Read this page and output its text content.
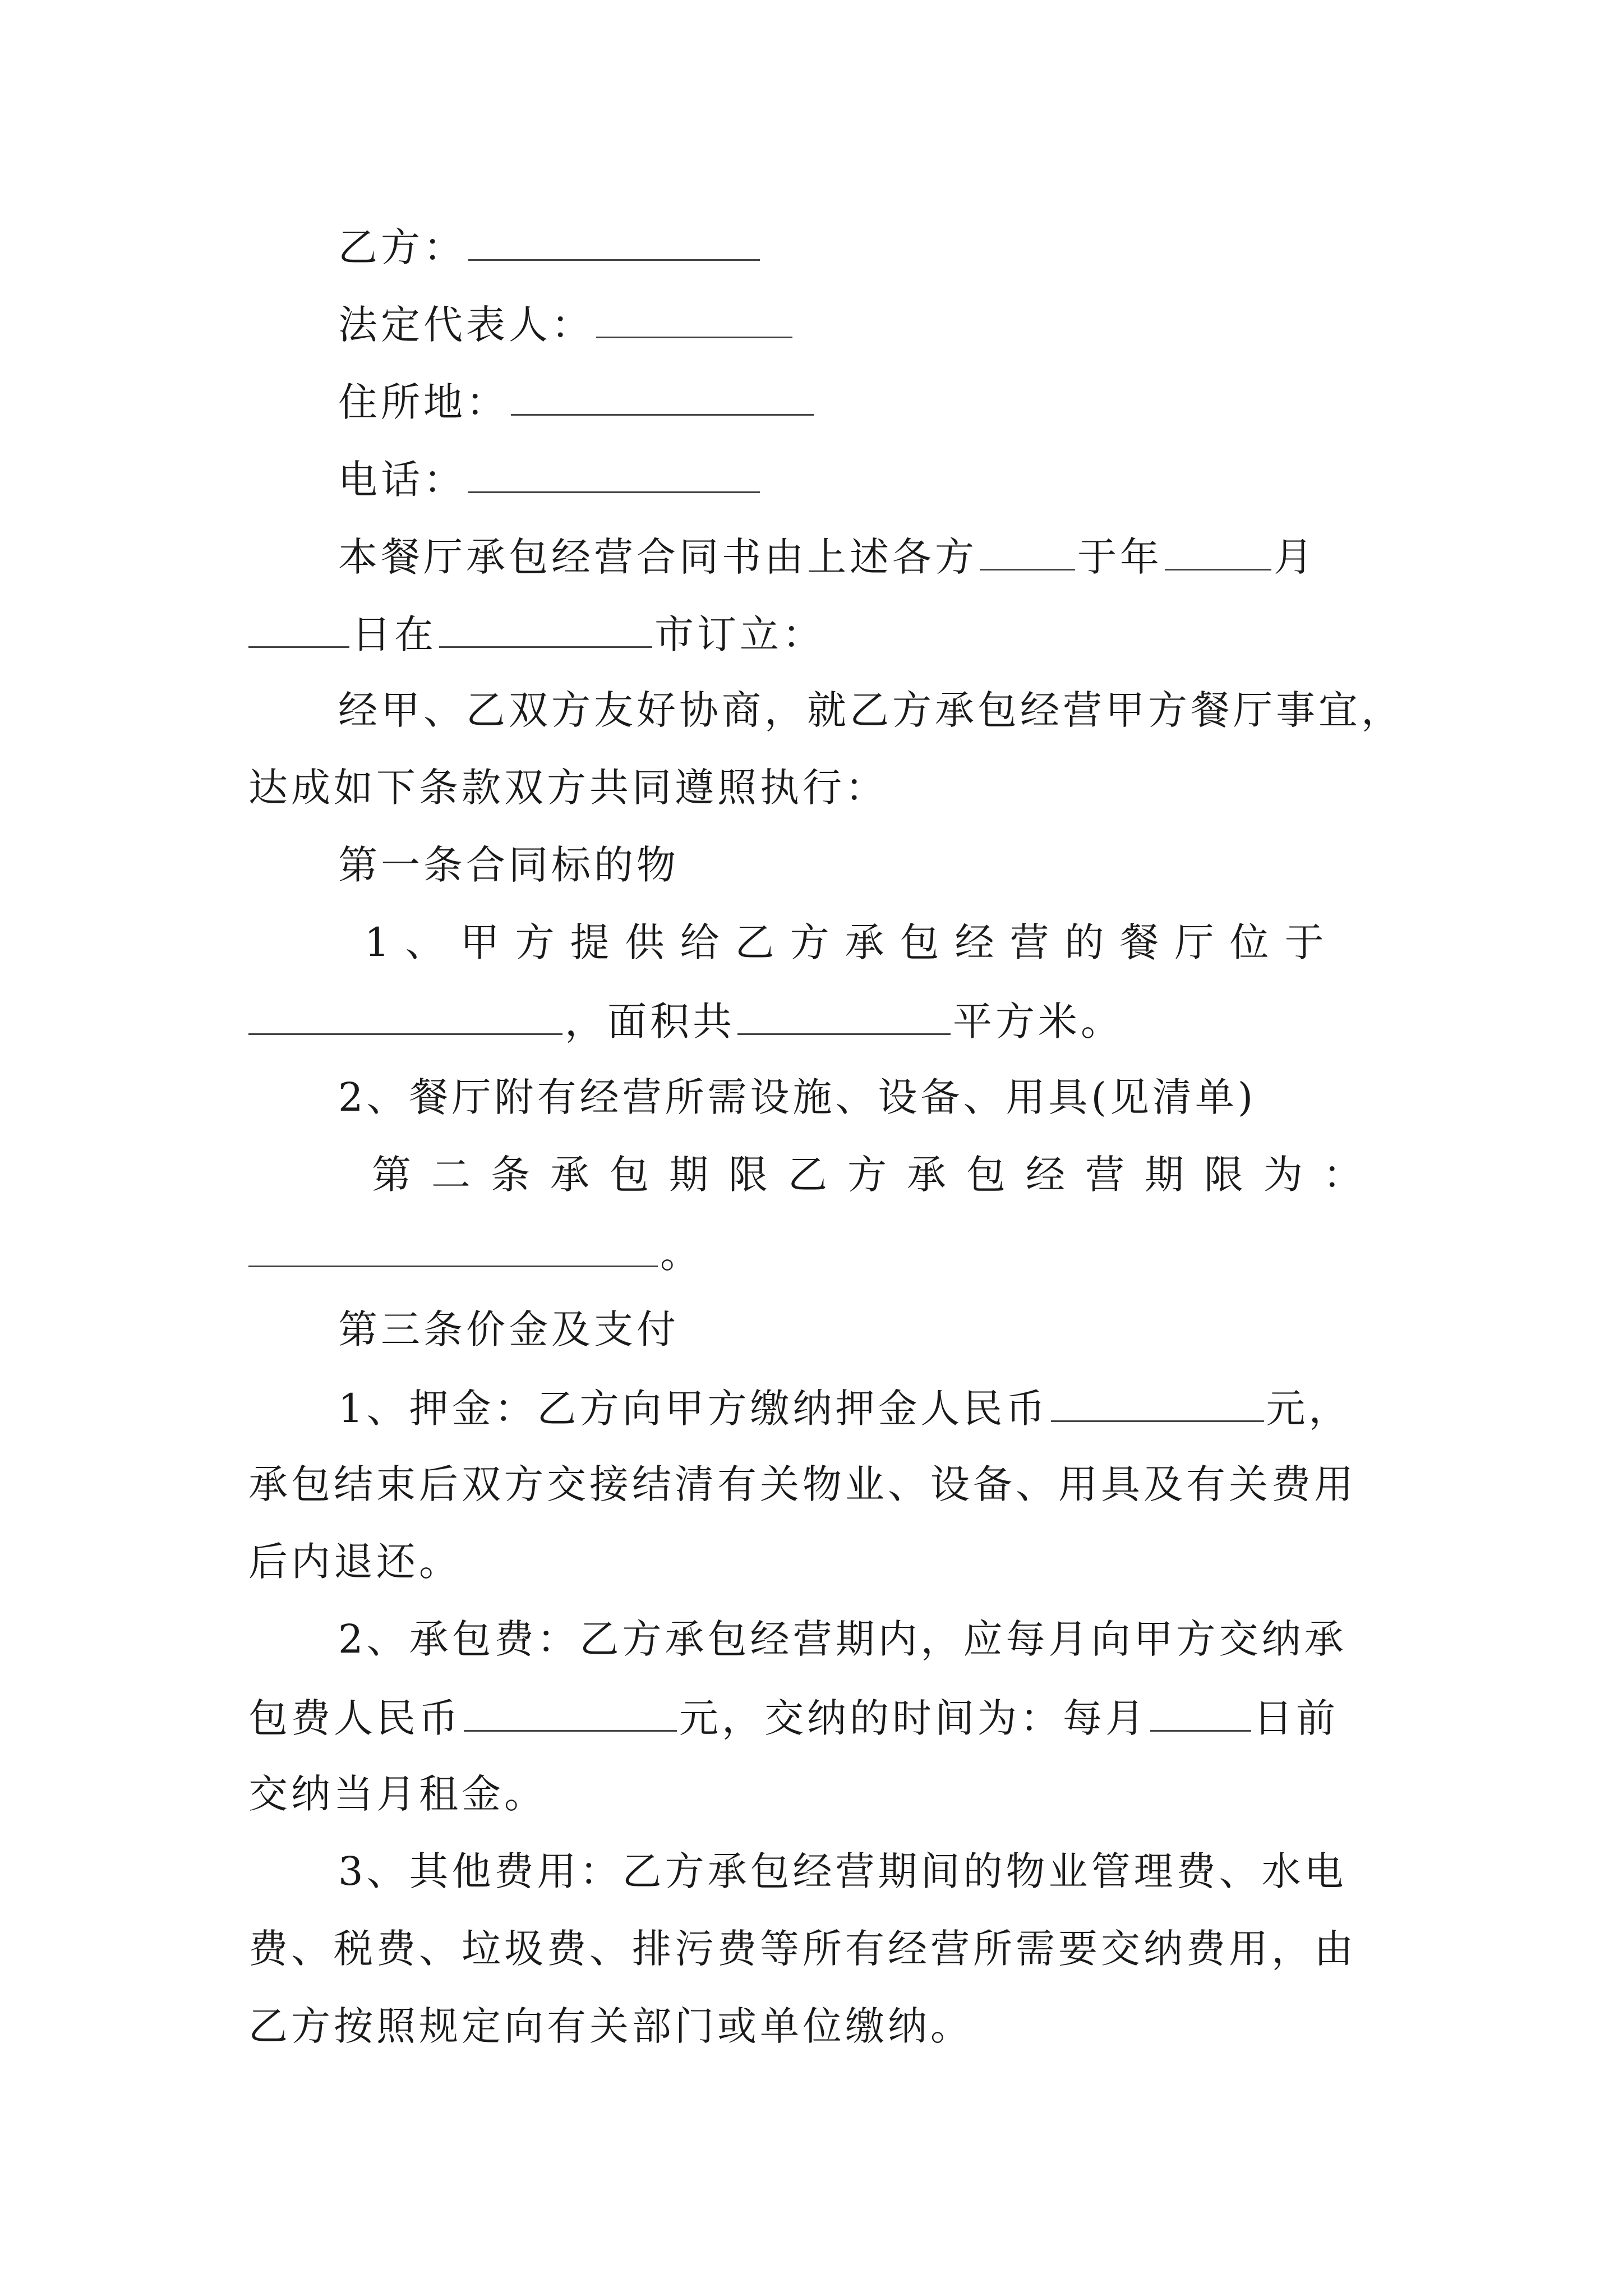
乙方：
法定代表人：
住所地：
电话：
本餐厅承包经营合同书由上述各方	于年	月
日在	市订立：
经甲、乙双方友好协商，就乙方承包经营甲方餐厅事宜，
达成如下条款双方共同遵照执行：
第一条合同标的物
1、甲方提供给乙方承包经营的餐厅位于
，面积共	平方米。
2、餐厅附有经营所需设施、设备、用具(见清单)
第二条承包期限乙方承包经营期限为：
。
第三条价金及支付
1、押金：乙方向甲方缴纳押金人民币	元，
承包结束后双方交接结清有关物业、设备、用具及有关费用
后内退还。
2、承包费：乙方承包经营期内，应每月向甲方交纳承
包费人民币	元，交纳的时间为：每月	日前
交纳当月租金。
3、其他费用：乙方承包经营期间的物业管理费、水电
费、税费、垃圾费、排污费等所有经营所需要交纳费用，由
乙方按照规定向有关部门或单位缴纳。
